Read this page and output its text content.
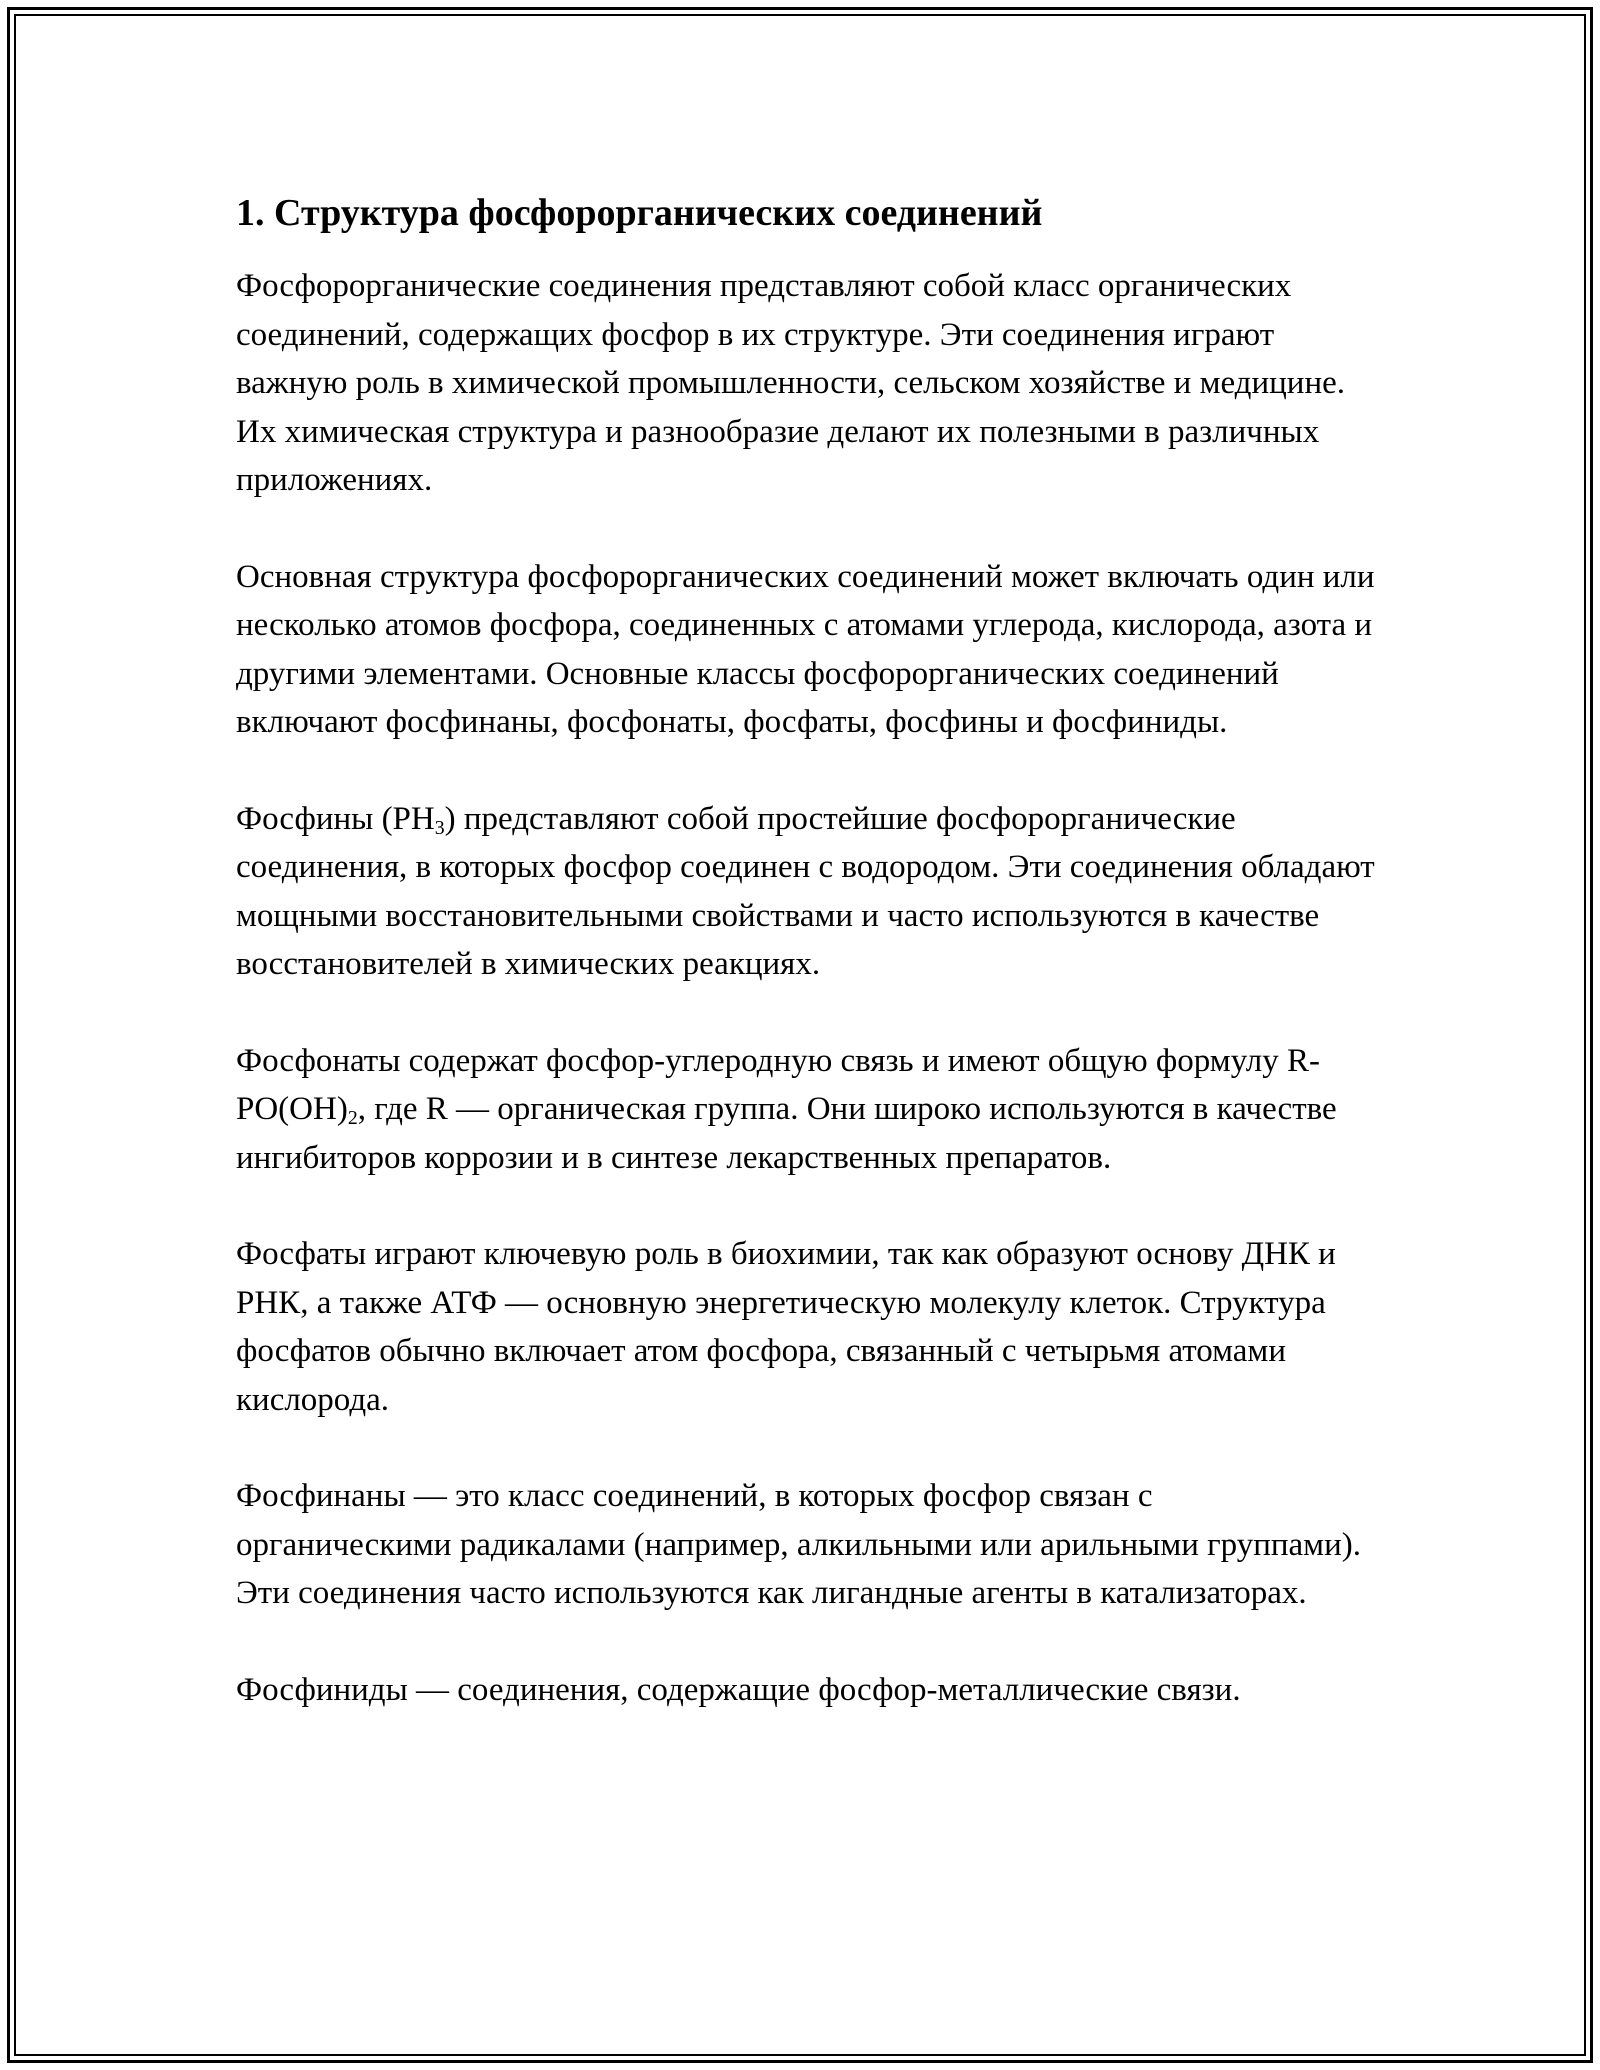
1. Структура фосфорорганических соединений

Фосфорорганические соединения представляют собой класс органических соединений, содержащих фосфор в их структуре. Эти соединения играют важную роль в химической промышленности, сельском хозяйстве и медицине. Их химическая структура и разнообразие делают их полезными в различных приложениях.

Основная структура фосфорорганических соединений может включать один или несколько атомов фосфора, соединенных с атомами углерода, кислорода, азота и другими элементами. Основные классы фосфорорганических соединений включают фосфинаны, фосфонаты, фосфаты, фосфины и фосфиниды.

Фосфины $(PH_3)$ представляют собой простейшие фосфорорганические соединения, в которых фосфор соединен с водородом. Эти соединения обладают мощными восстановительными свойствами и часто используются в качестве восстановителей в химических реакциях.

Фосфонаты содержат фосфор-углеродную связь и имеют общую формулу $R-PO(OH)_2$, где R — органическая группа. Они широко используются в качестве ингибиторов коррозии и в синтезе лекарственных препаратов.

Фосфаты играют ключевую роль в биохимии, так как образуют основу ДНК и РНК, а также АТФ — основную энергетическую молекулу клеток. Структура фосфатов обычно включает атом фосфора, связанный с четырьмя атомами кислорода.

Фосфинаны — это класс соединений, в которых фосфор связан с органическими радикалами (например, алкильными или арильными группами). Эти соединения часто используются как лигандные агенты в катализаторах.

Фосфиниды — соединения, содержащие фосфор-металлические связи.
